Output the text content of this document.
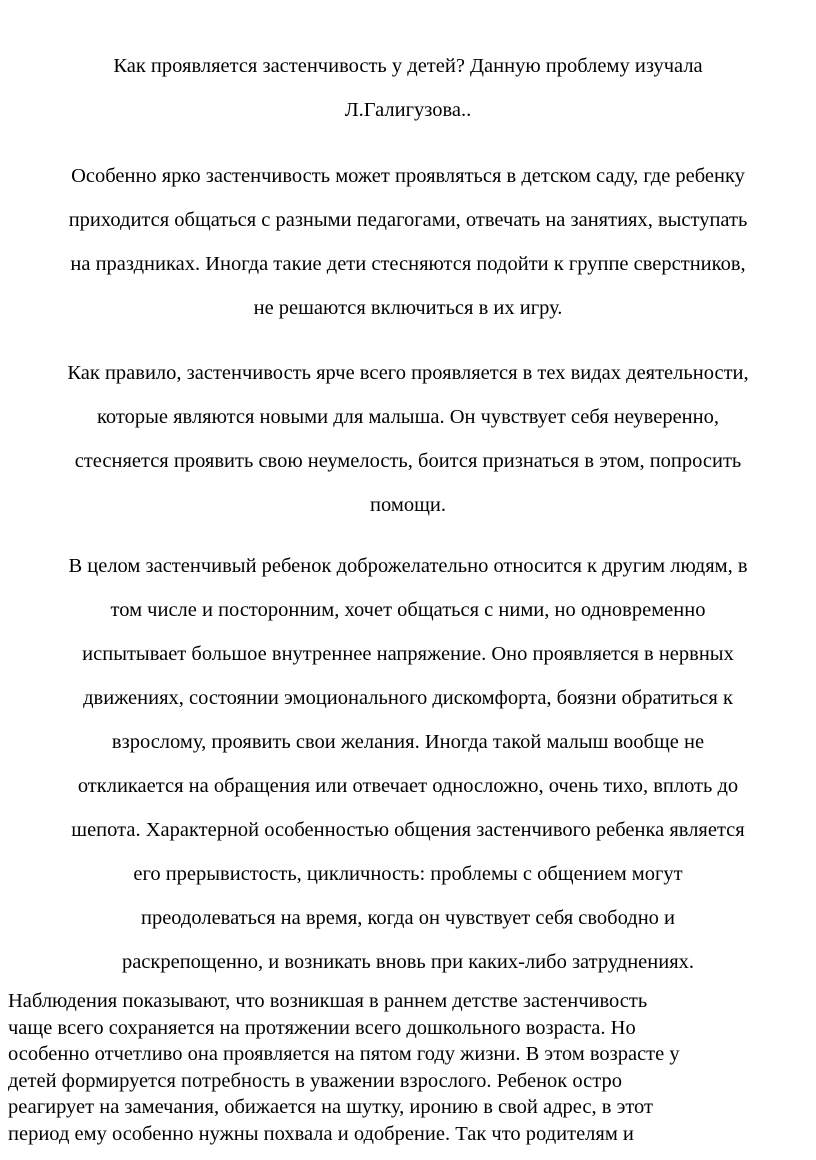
Как проявляется застенчивость у детей? Данную проблему изучала
Л.Галигузова..

Особенно ярко застенчивость может проявляться в детском саду, где ребенку
приходится общаться с разными педагогами, отвечать на занятиях, выступать
на праздниках. Иногда такие дети стесняются подойти к группе сверстников,
не решаются включиться в их игру.

Как правило, застенчивость ярче всего проявляется в тех видах деятельности,
которые являются новыми для малыша. Он чувствует себя неуверенно,
стесняется проявить свою неумелость, боится признаться в этом, попросить
помощи.

В целом застенчивый ребенок доброжелательно относится к другим людям, в
том числе и посторонним, хочет общаться с ними, но одновременно
испытывает большое внутреннее напряжение. Оно проявляется в нервных
движениях, состоянии эмоционального дискомфорта, боязни обратиться к
взрослому, проявить свои желания. Иногда такой малыш вообще не
откликается на обращения или отвечает односложно, очень тихо, вплоть до
шепота. Характерной особенностью общения застенчивого ребенка является
его прерывистость, цикличность: проблемы с общением могут
преодолеваться на время, когда он чувствует себя свободно и
раскрепощенно, и возникать вновь при каких-либо затруднениях.

Наблюдения показывают, что возникшая в раннем детстве застенчивость
чаще всего сохраняется на протяжении всего дошкольного возраста. Но
особенно отчетливо она проявляется на пятом году жизни. В этом возрасте у
детей формируется потребность в уважении взрослого. Ребенок остро
реагирует на замечания, обижается на шутку, иронию в свой адрес, в этот
период ему особенно нужны похвала и одобрение. Так что родителям и
